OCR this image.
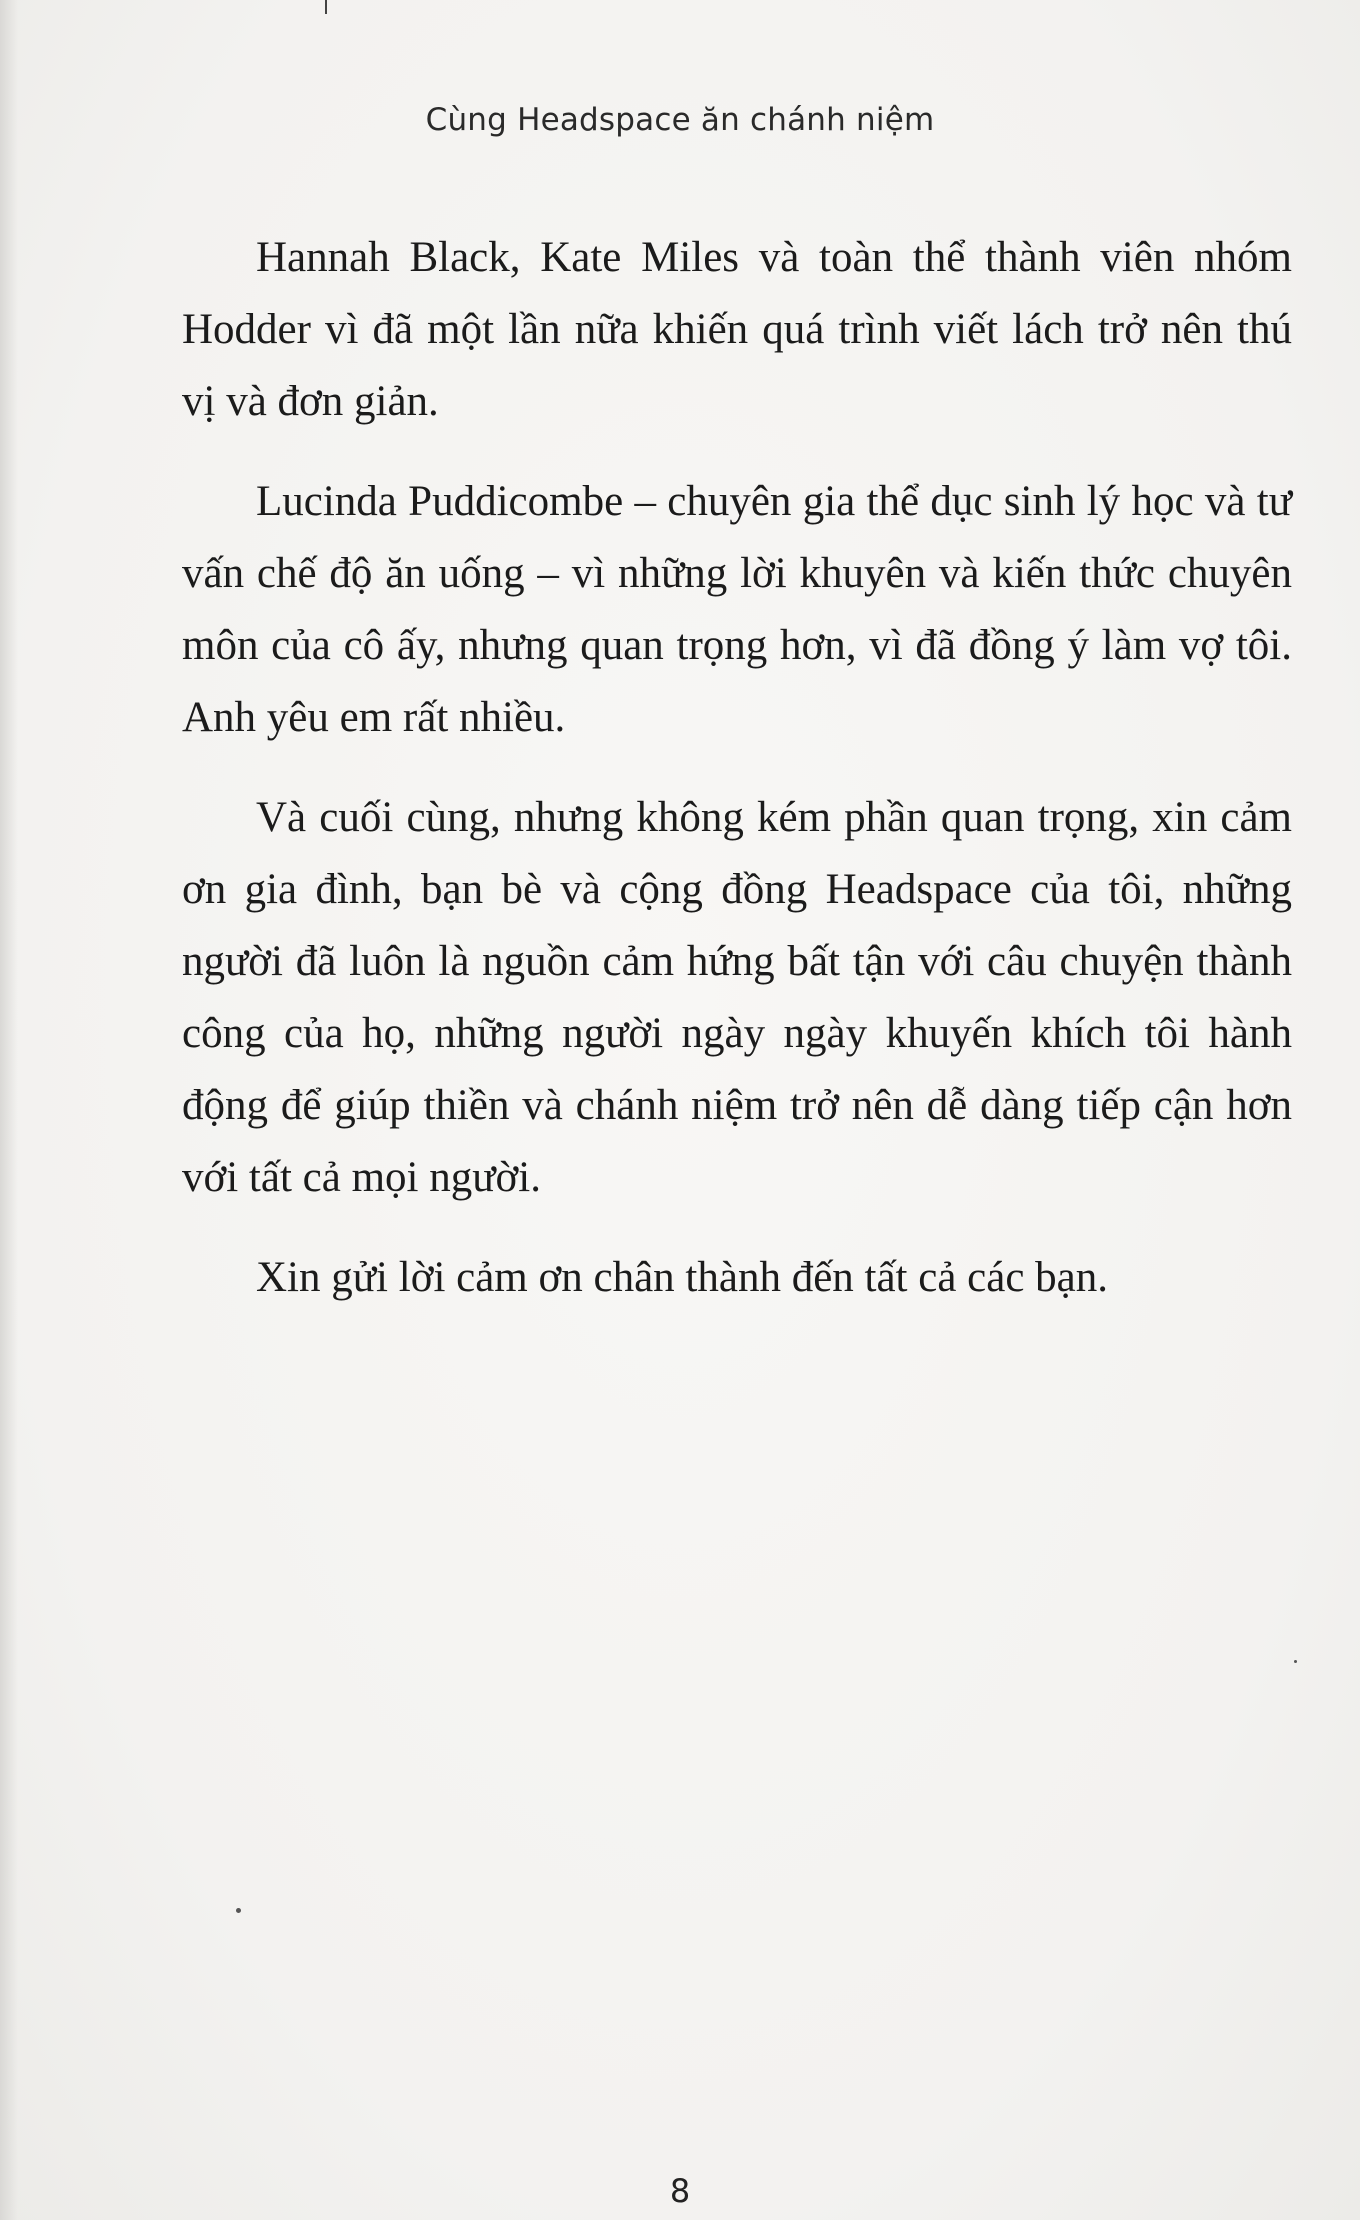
Cùng Headspace ăn chánh niệm

Hannah Black, Kate Miles và toàn thể thành viên nhóm Hodder vì đã một lần nữa khiến quá trình viết lách trở nên thú vị và đơn giản.

Lucinda Puddicombe – chuyên gia thể dục sinh lý học và tư vấn chế độ ăn uống – vì những lời khuyên và kiến thức chuyên môn của cô ấy, nhưng quan trọng hơn, vì đã đồng ý làm vợ tôi. Anh yêu em rất nhiều.

Và cuối cùng, nhưng không kém phần quan trọng, xin cảm ơn gia đình, bạn bè và cộng đồng Headspace của tôi, những người đã luôn là nguồn cảm hứng bất tận với câu chuyện thành công của họ, những người ngày ngày khuyến khích tôi hành động để giúp thiền và chánh niệm trở nên dễ dàng tiếp cận hơn với tất cả mọi người.

Xin gửi lời cảm ơn chân thành đến tất cả các bạn.

8
